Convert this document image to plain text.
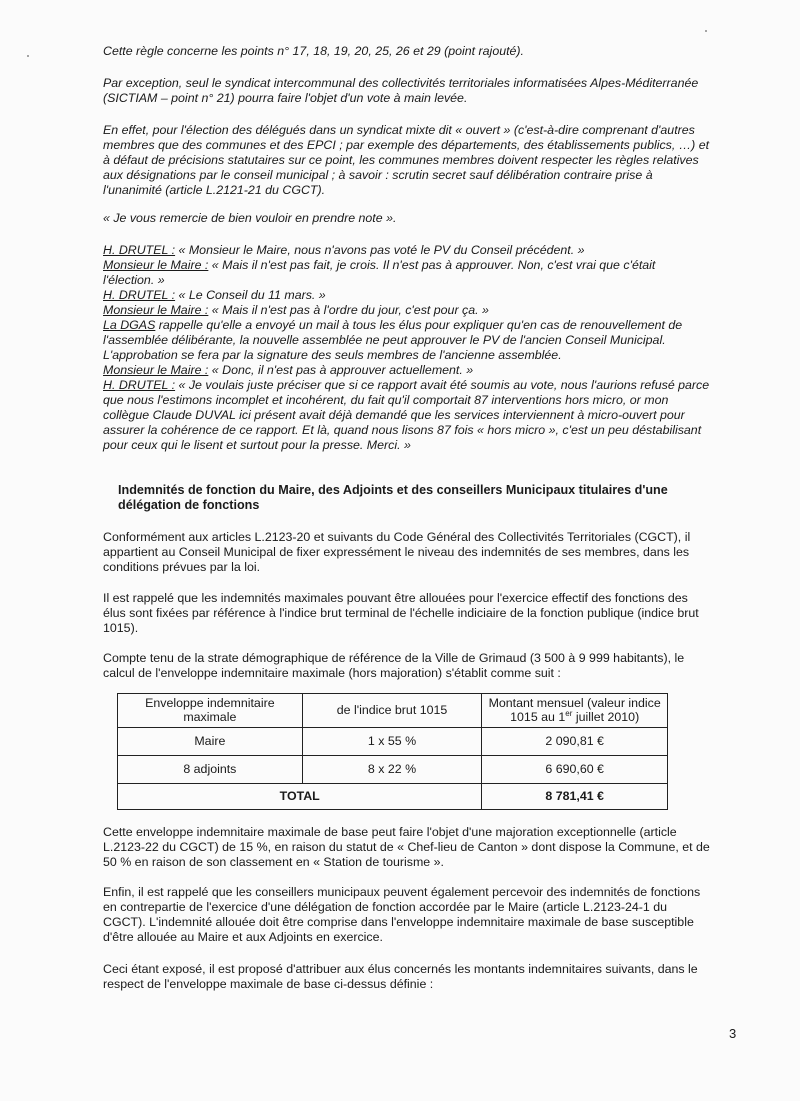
Cette règle concerne les points n° 17, 18, 19, 20, 25, 26 et 29 (point rajouté).
Par exception, seul le syndicat intercommunal des collectivités territoriales informatisées Alpes-Méditerranée
(SICTIAM – point n° 21) pourra faire l'objet d'un vote à main levée.
En effet, pour l'élection des délégués dans un syndicat mixte dit « ouvert » (c'est-à-dire comprenant d'autres
membres que des communes et des EPCI ; par exemple des départements, des établissements publics, …) et
à défaut de précisions statutaires sur ce point, les communes membres doivent respecter les règles relatives
aux désignations par le conseil municipal ; à savoir : scrutin secret sauf délibération contraire prise à
l'unanimité (article L.2121-21 du CGCT).
« Je vous remercie de bien vouloir en prendre note ».
H. DRUTEL : « Monsieur le Maire, nous n'avons pas voté le PV du Conseil précédent. »
Monsieur le Maire : « Mais il n'est pas fait, je crois. Il n'est pas à approuver. Non, c'est vrai que c'était
l'élection. »
H. DRUTEL : « Le Conseil du 11 mars. »
Monsieur le Maire : « Mais il n'est pas à l'ordre du jour, c'est pour ça. »
La DGAS rappelle qu'elle a envoyé un mail à tous les élus pour expliquer qu'en cas de renouvellement de
l'assemblée délibérante, la nouvelle assemblée ne peut approuver le PV de l'ancien Conseil Municipal.
L'approbation se fera par la signature des seuls membres de l'ancienne assemblée.
Monsieur le Maire : « Donc, il n'est pas à approuver actuellement. »
H. DRUTEL : « Je voulais juste préciser que si ce rapport avait été soumis au vote, nous l'aurions refusé parce
que nous l'estimons incomplet et incohérent, du fait qu'il comportait 87 interventions hors micro, or mon
collègue Claude DUVAL ici présent avait déjà demandé que les services interviennent à micro-ouvert pour
assurer la cohérence de ce rapport. Et là, quand nous lisons 87 fois « hors micro », c'est un peu déstabilisant
pour ceux qui le lisent et surtout pour la presse. Merci. »
Indemnités de fonction du Maire, des Adjoints et des conseillers Municipaux titulaires d'une
délégation de fonctions
Conformément aux articles L.2123-20 et suivants du Code Général des Collectivités Territoriales (CGCT), il
appartient au Conseil Municipal de fixer expressément le niveau des indemnités de ses membres, dans les
conditions prévues par la loi.
Il est rappelé que les indemnités maximales pouvant être allouées pour l'exercice effectif des fonctions des
élus sont fixées par référence à l'indice brut terminal de l'échelle indiciaire de la fonction publique (indice brut
1015).
Compte tenu de la strate démographique de référence de la Ville de Grimaud (3 500 à 9 999 habitants), le
calcul de l'enveloppe indemnitaire maximale (hors majoration) s'établit comme suit :
Enveloppe indemnitaire maximale	de l'indice brut 1015	Montant mensuel (valeur indice 1015 au 1er juillet 2010)
Maire	1 x 55 %	2 090,81 €
8 adjoints	8 x 22 %	6 690,60 €
TOTAL		8 781,41 €
Cette enveloppe indemnitaire maximale de base peut faire l'objet d'une majoration exceptionnelle (article
L.2123-22 du CGCT) de 15 %, en raison du statut de « Chef-lieu de Canton » dont dispose la Commune, et de
50 % en raison de son classement en « Station de tourisme ».
Enfin, il est rappelé que les conseillers municipaux peuvent également percevoir des indemnités de fonctions
en contrepartie de l'exercice d'une délégation de fonction accordée par le Maire (article L.2123-24-1 du
CGCT). L'indemnité allouée doit être comprise dans l'enveloppe indemnitaire maximale de base susceptible
d'être allouée au Maire et aux Adjoints en exercice.
Ceci étant exposé, il est proposé d'attribuer aux élus concernés les montants indemnitaires suivants, dans le
respect de l'enveloppe maximale de base ci-dessus définie :
3
